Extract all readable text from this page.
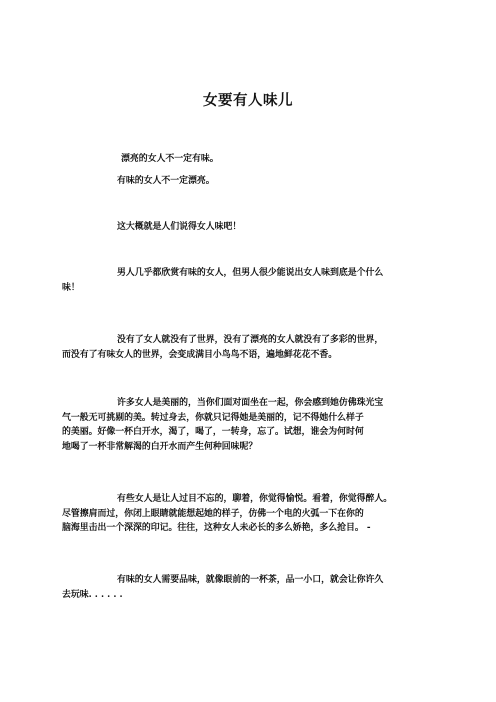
女要有人味儿
漂亮的女人不一定有味。
有味的女人不一定漂亮。
这大概就是人们说得女人味吧！
男人几乎都欣赏有味的女人，但男人很少能说出女人味到底是个什么
味！
没有了女人就没有了世界，没有了漂亮的女人就没有了多彩的世界，
而没有了有味女人的世界，会变成满目小鸟鸟不语，遍地鲜花花不香。
许多女人是美丽的，当你们面对面坐在一起，你会感到她仿佛珠光宝
气一般无可挑剔的美。转过身去，你就只记得她是美丽的，记不得她什么样子
的美丽。好像一杯白开水，渴了，喝了，一转身，忘了。试想，谁会为何时何
地喝了一杯非常解渴的白开水而产生何种回味呢？
有些女人是让人过目不忘的，聊着，你觉得愉悦。看着，你觉得醉人。
尽管擦肩而过，你闭上眼睛就能想起她的样子，仿佛一个电的火弧一下在你的
脑海里击出一个深深的印记。往往，这种女人未必长的多么娇艳，多么抢目。 -
有味的女人需要品味，就像眼前的一杯茶，品一小口，就会让你许久
去玩味. . . . . .
